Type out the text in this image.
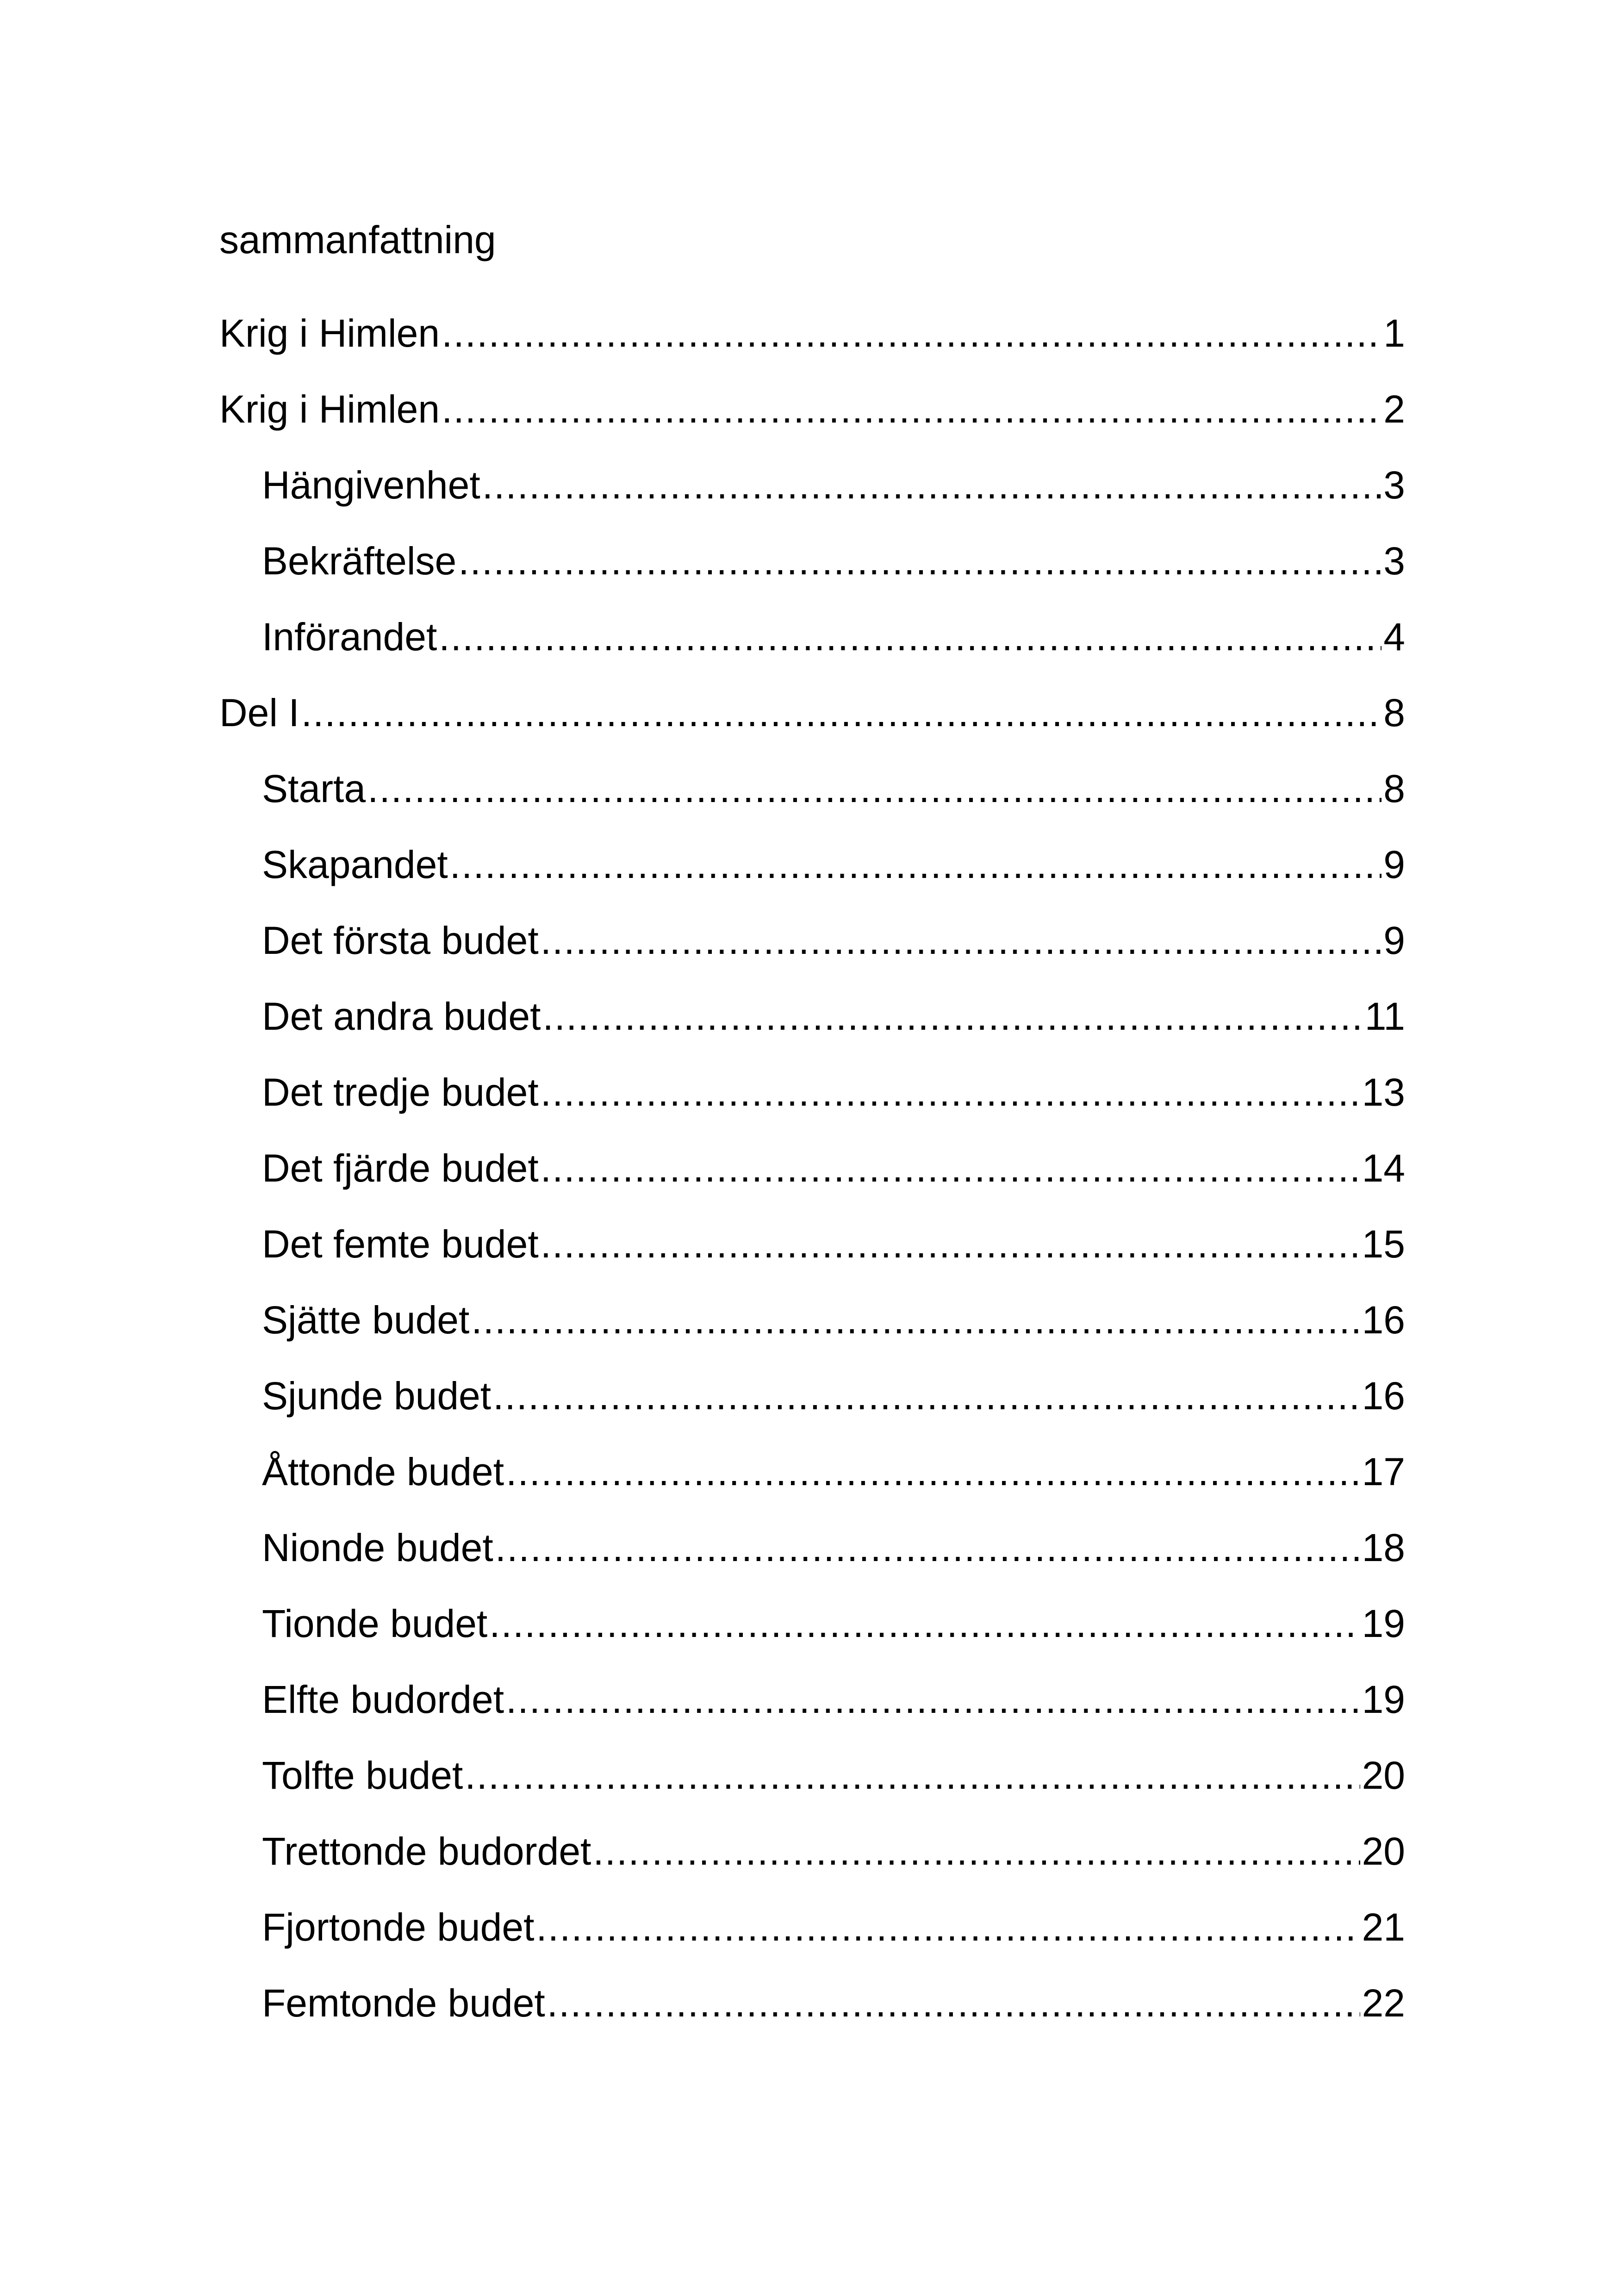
sammanfattning
Krig i Himlen .....	1
Krig i Himlen .....	2
Hängivenhet .....	3
Bekräftelse .....	3
Införandet .....	4
Del I .....	8
Starta .....	8
Skapandet .....	9
Det första budet .....	9
Det andra budet .....	11
Det tredje budet .....	13
Det fjärde budet .....	14
Det femte budet .....	15
Sjätte budet .....	16
Sjunde budet .....	16
Åttonde budet .....	17
Nionde budet .....	18
Tionde budet .....	19
Elfte budordet .....	19
Tolfte budet .....	20
Trettonde budordet .....	20
Fjortonde budet .....	21
Femtonde budet .....	22
